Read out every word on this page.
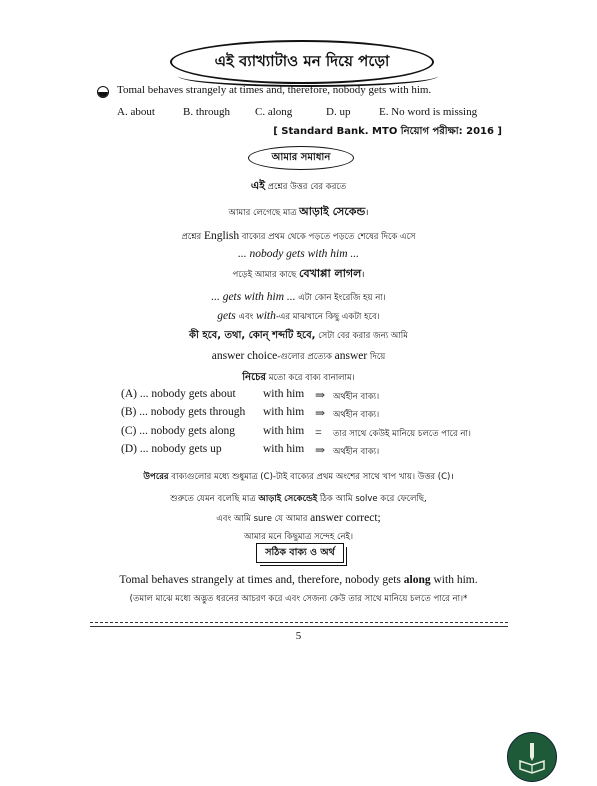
এই ব্যাখ্যাটাও মন দিয়ে পড়ো
Tomal behaves strangely at times and, therefore, nobody gets with him.
A. about	B. through C. along	D. up	E. No word is missing
[ Standard Bank. MTO নিয়োগ পরীক্ষা: 2016 ]
আমার সমাধান
এই প্রশ্নের উত্তর বের করতে
আমার লেগেছে মাত্র আড়াই সেকেন্ড।
প্রশ্নের English বাক্যের প্রথম থেকে পড়তে পড়তে শেষের দিকে এসে
... nobody gets with him ...
পড়েই আমার কাছে বেখাপ্পা লাগল।
... gets with him ... এটা কোন ইংরেজি হয় না।
gets এবং with-এর মাঝখানে কিছু একটা হবে।
কী হবে, তথা, কোন্ শব্দটি হবে, সেটা বের করার জন্য আমি
answer choice-গুলোর প্রত্যেক answer দিয়ে
নিচের মতো করে বাক্য বানালাম।
(A) ... nobody gets about with him ⇒ অর্থহীন বাক্য।
(B) ... nobody gets through with him ⇒ অর্থহীন বাক্য।
(C) ... nobody gets along with him = তার সাথে কেউই মানিয়ে চলতে পারে না।
(D) ... nobody gets up	with him ⇒ অর্থহীন বাক্য।
উপরের বাক্যগুলোর মধ্যে শুধুমাত্র (C)-টাই বাক্যের প্রথম অংশের সাথে খাপ খায়। উত্তর (C)।
শুরুতে যেমন বলেছি মাত্র আড়াই সেকেন্ডেই ঠিক আমি solve করে ফেলেছি,
এবং আমি sure যে আমার answer correct;
আমার মনে কিছুমাত্র সন্দেহ নেই।
সঠিক বাক্য ও অর্থ
Tomal behaves strangely at times and, therefore, nobody gets along with him.
(তমাল মাঝে মধ্যে অদ্ভুত ধরনের আচরণ করে এবং সেজন্য কেউ তার সাথে মানিয়ে চলতে পারে না।*
5
